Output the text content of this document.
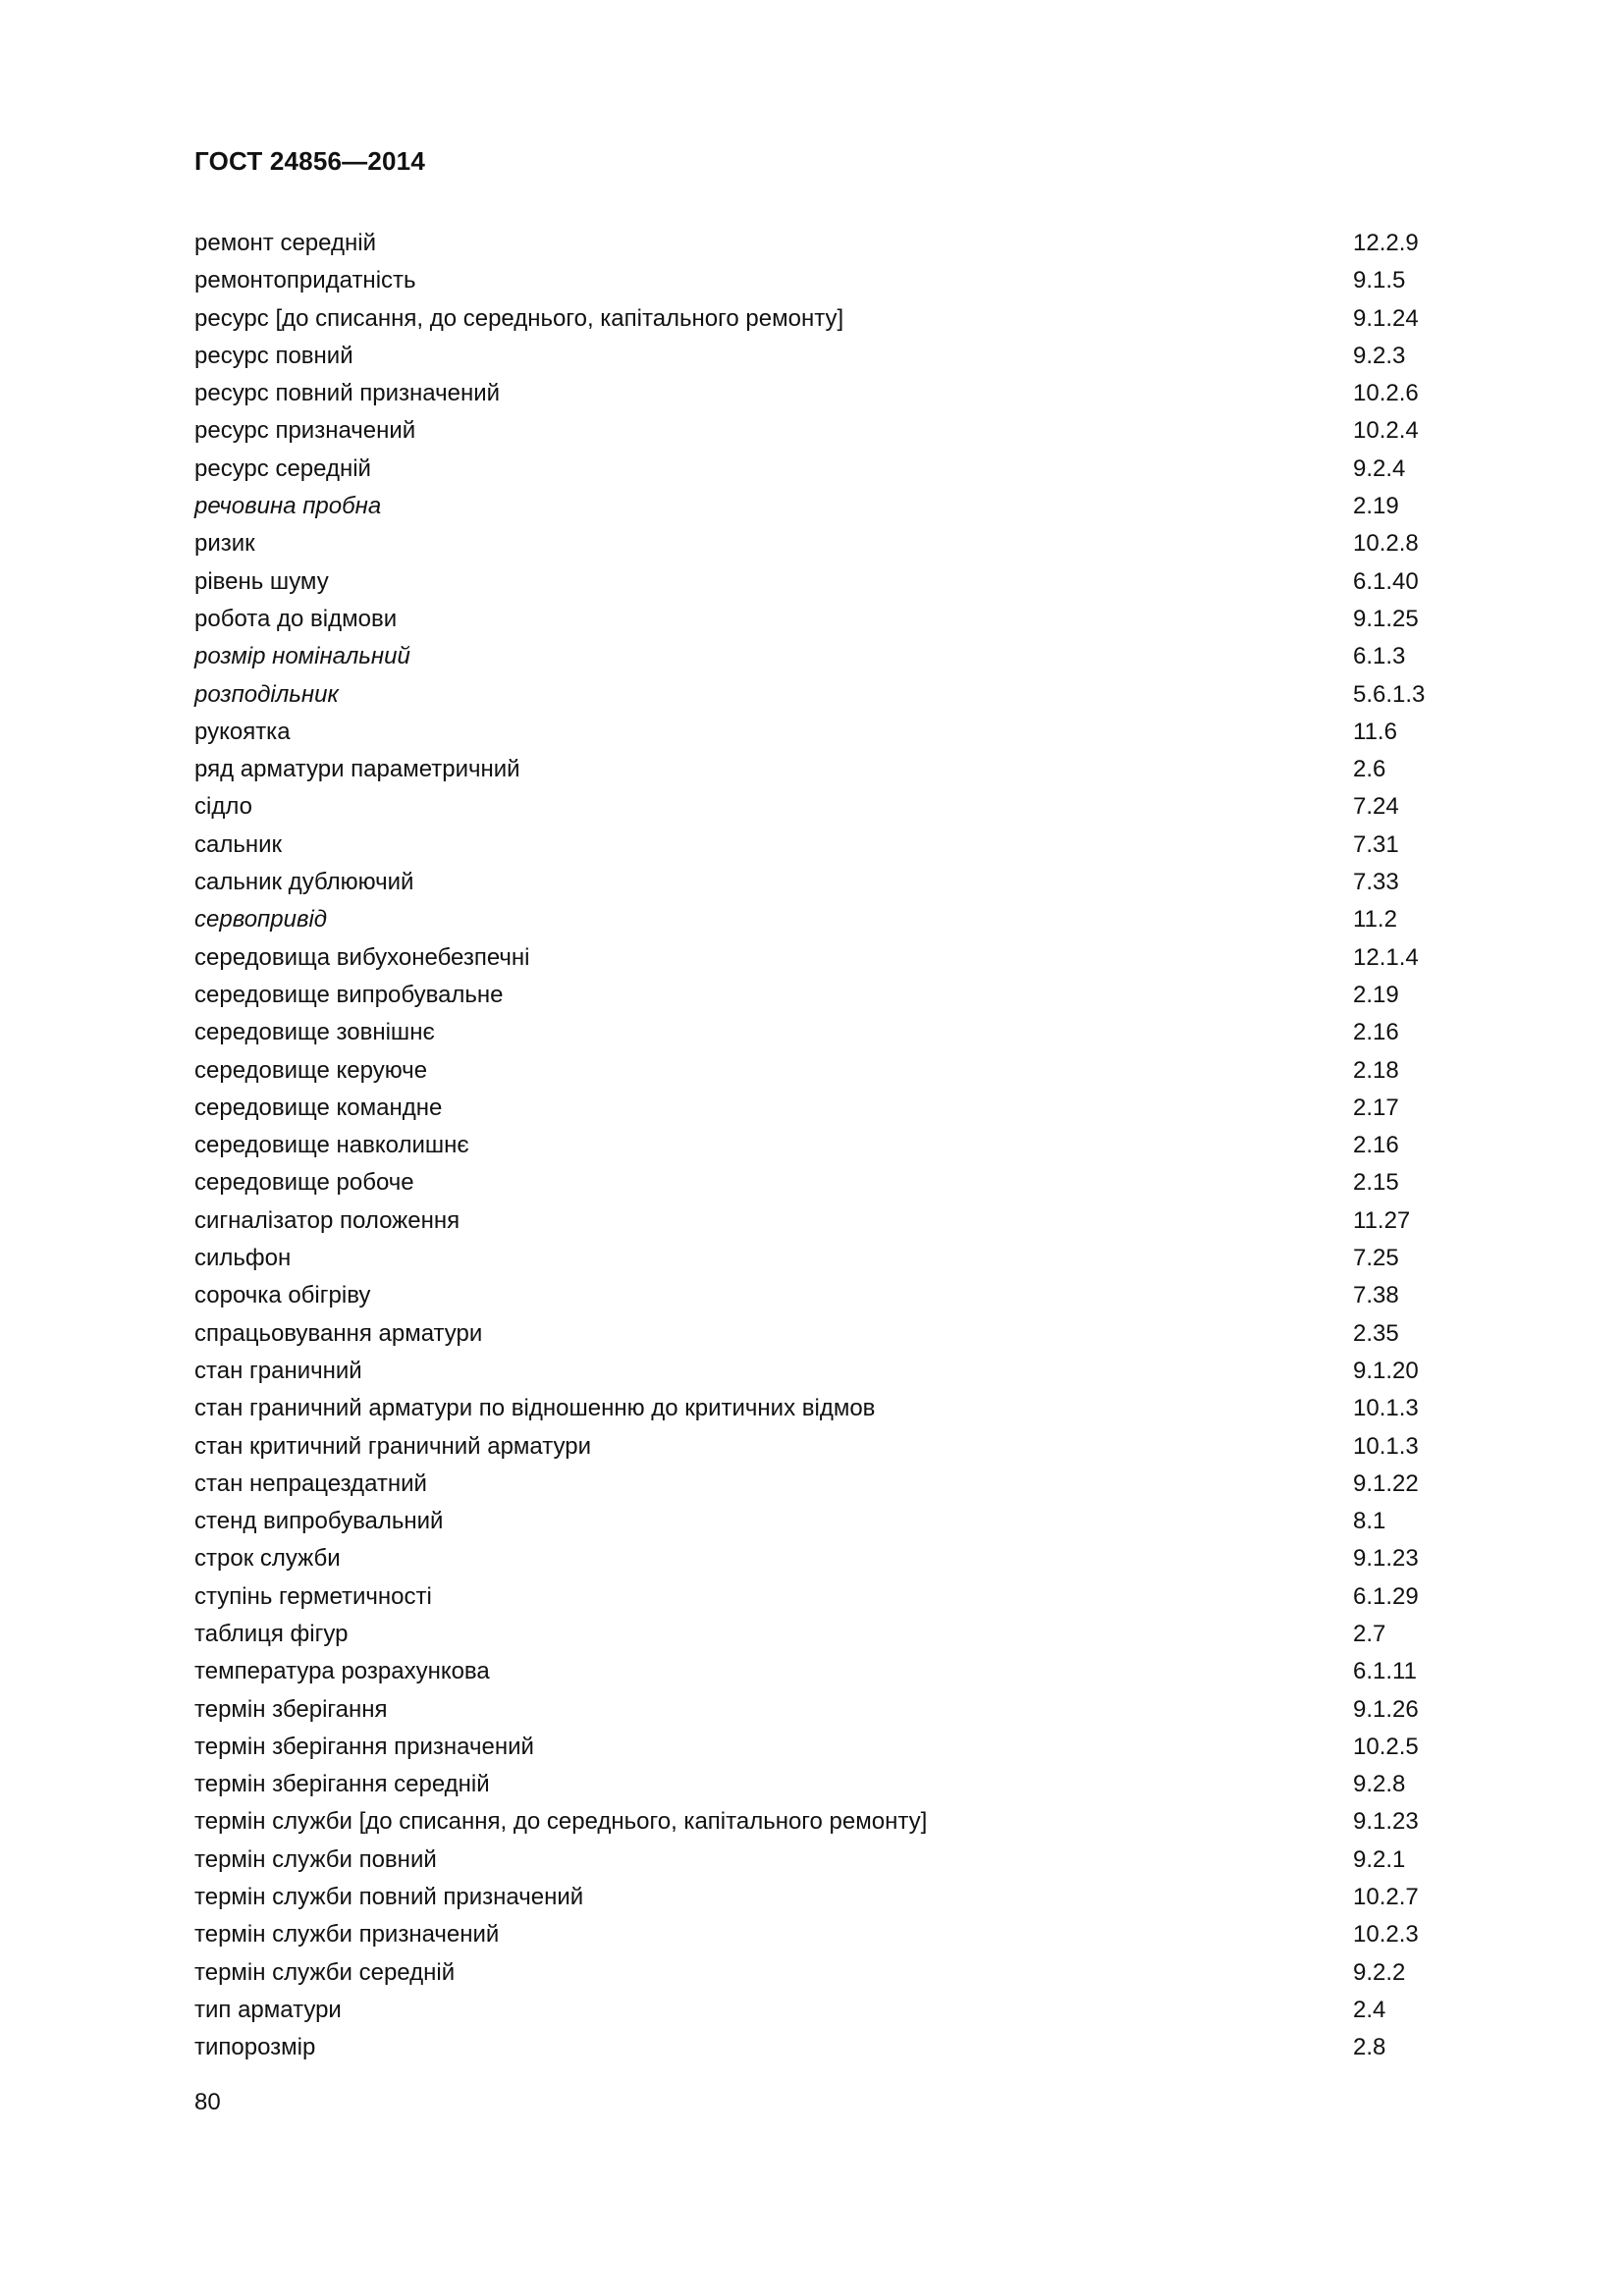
ГОСТ 24856—2014
ремонт середній	12.2.9
ремонтопридатність	9.1.5
ресурс [до списання, до середнього, капітального ремонту]	9.1.24
ресурс повний	9.2.3
ресурс повний призначений	10.2.6
ресурс призначений	10.2.4
ресурс середній	9.2.4
речовина пробна	2.19
ризик	10.2.8
рівень шуму	6.1.40
робота до відмови	9.1.25
розмір номінальний	6.1.3
розподільник	5.6.1.3
рукоятка	11.6
ряд арматури параметричний	2.6
сідло	7.24
сальник	7.31
сальник дублюючий	7.33
сервопривід	11.2
середовища вибухонебезпечні	12.1.4
середовище випробувальне	2.19
середовище зовнішнє	2.16
середовище керуюче	2.18
середовище командне	2.17
середовище навколишнє	2.16
середовище робоче	2.15
сигналізатор положення	11.27
сильфон	7.25
сорочка обігріву	7.38
спрацьовування арматури	2.35
стан граничний	9.1.20
стан граничний арматури по відношенню до критичних відмов	10.1.3
стан критичний граничний арматури	10.1.3
стан непрацездатний	9.1.22
стенд випробувальний	8.1
строк служби	9.1.23
ступінь герметичності	6.1.29
таблиця фігур	2.7
температура розрахункова	6.1.11
термін зберігання	9.1.26
термін зберігання призначений	10.2.5
термін зберігання середній	9.2.8
термін служби [до списання, до середнього, капітального ремонту]	9.1.23
термін служби повний	9.2.1
термін служби повний призначений	10.2.7
термін служби призначений	10.2.3
термін служби середній	9.2.2
тип арматури	2.4
типорозмір	2.8
80
